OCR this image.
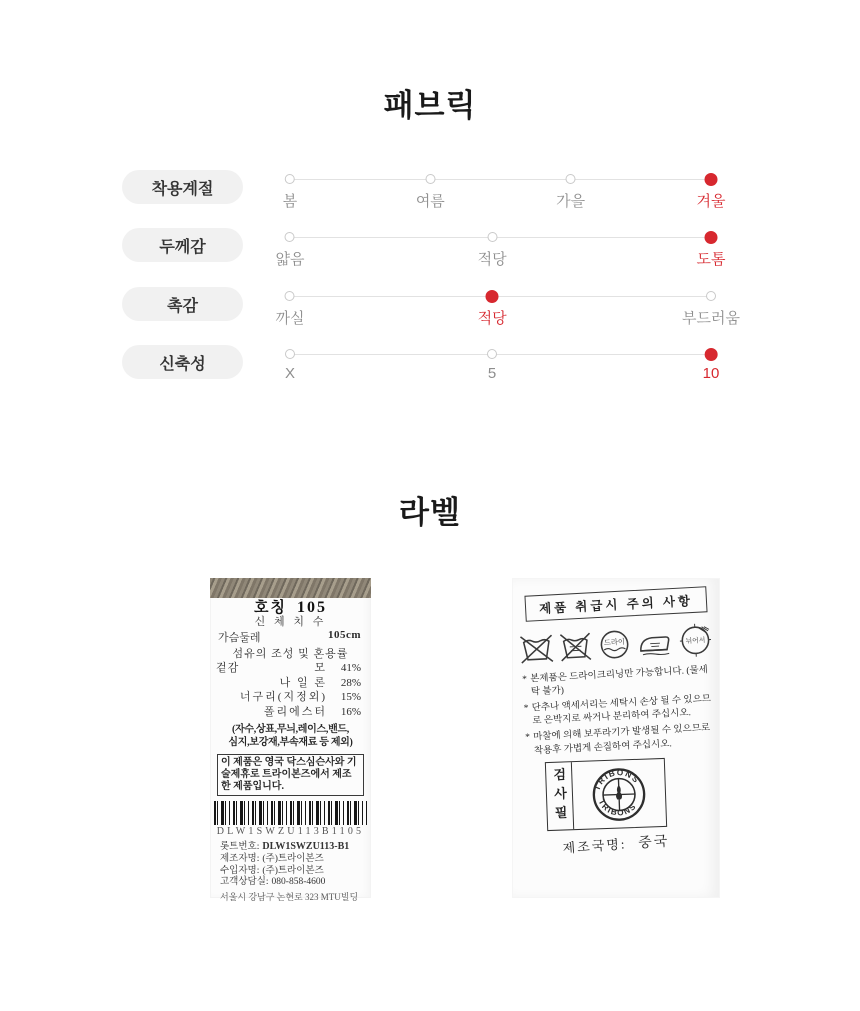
패브릭
착용계절
봄	여름	가을	겨울
두께감
얇음	적당	도톰
촉감
까실	적당	부드러움
신축성
X	5	10
라벨
호칭 105
신 체 치 수
가슴둘레	105cm
섬유의 조성 및 혼용률
겉감	모	41%
나 일 론	28%
너구리(지정외)	15%
폴리에스터	16%
(자수,상표,무늬,레이스,밴드,
심지,보강재,부속재료 등 제외)
이 제품은 영국 닥스심슨사와 기술제휴로 트라이본즈에서 제조한 제품입니다.
DLW1SWZU113B1105
롯트번호: DLW1SWZU113-B1
제조자명: (주)트라이본즈
수입자명: (주)트라이본즈
고객상담실: 080-858-4600
서울시 강남구 논현로 323 MTU빌딩
제품 취급시 주의 사항
드라이	뉘어서
* 본제품은 드라이크리닝만 가능합니다. (물세탁 불가)
* 단추나 액세서리는 세탁시 손상 될 수 있으므로 은박지로 싸거나 분리하여 주십시오.
* 마찰에 의해 보푸라기가 발생될 수 있으므로 착용후 가볍게 손질하여 주십시오.
검사필	TRIBONS
TRIBONS
제조국명: 중국
